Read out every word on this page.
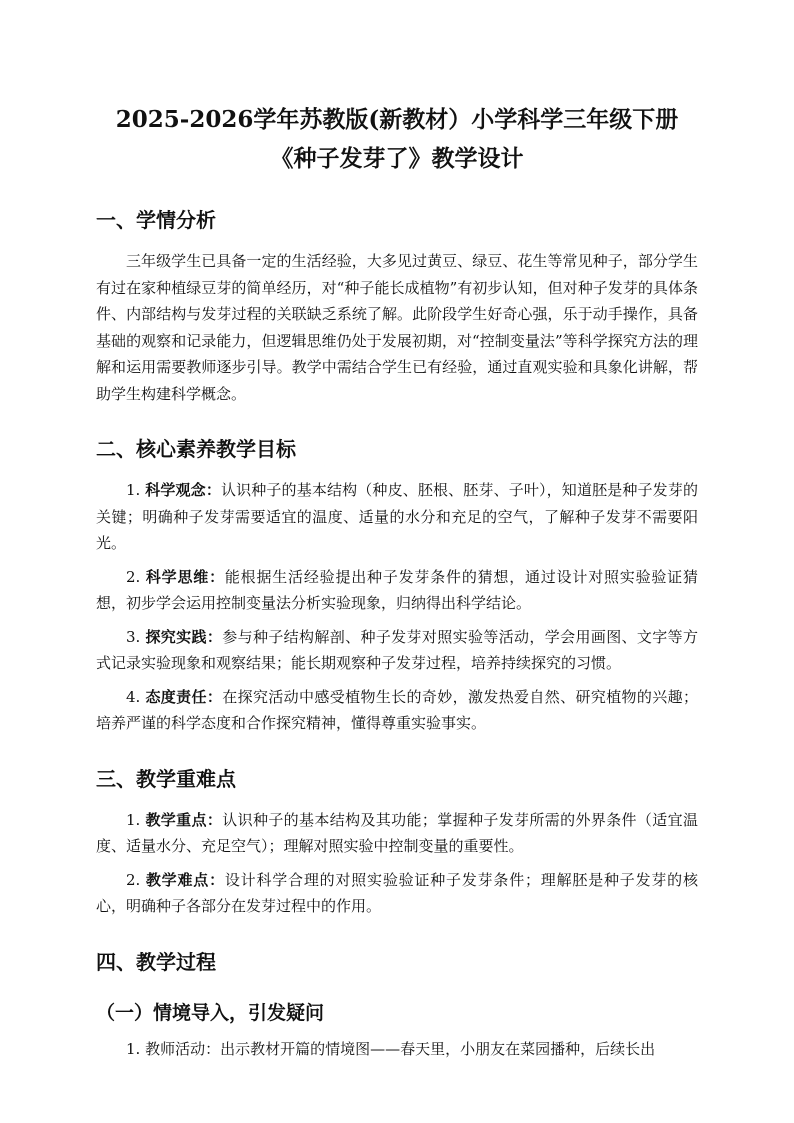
2025-2026学年苏教版(新教材）小学科学三年级下册《种子发芽了》教学设计
一、学情分析

三年级学生已具备一定的生活经验，大多见过黄豆、绿豆、花生等常见种子，部分学生有过在家种植绿豆芽的简单经历，对“种子能长成植物”有初步认知，但对种子发芽的具体条件、内部结构与发芽过程的关联缺乏系统了解。此阶段学生好奇心强，乐于动手操作，具备基础的观察和记录能力，但逻辑思维仍处于发展初期，对“控制变量法”等科学探究方法的理解和运用需要教师逐步引导。教学中需结合学生已有经验，通过直观实验和具象化讲解，帮助学生构建科学概念。

二、核心素养教学目标

1. 科学观念：认识种子的基本结构（种皮、胚根、胚芽、子叶），知道胚是种子发芽的关键；明确种子发芽需要适宜的温度、适量的水分和充足的空气，了解种子发芽不需要阳光。

2. 科学思维：能根据生活经验提出种子发芽条件的猜想，通过设计对照实验验证猜想，初步学会运用控制变量法分析实验现象，归纳得出科学结论。

3. 探究实践：参与种子结构解剖、种子发芽对照实验等活动，学会用画图、文字等方式记录实验现象和观察结果；能长期观察种子发芽过程，培养持续探究的习惯。

4. 态度责任：在探究活动中感受植物生长的奇妙，激发热爱自然、研究植物的兴趣；培养严谨的科学态度和合作探究精神，懂得尊重实验事实。

三、教学重难点

1. 教学重点：认识种子的基本结构及其功能；掌握种子发芽所需的外界条件（适宜温度、适量水分、充足空气）；理解对照实验中控制变量的重要性。

2. 教学难点：设计科学合理的对照实验验证种子发芽条件；理解胚是种子发芽的核心，明确种子各部分在发芽过程中的作用。

四、教学过程
（一）情境导入，引发疑问

1. 教师活动：出示教材开篇的情境图——春天里，小朋友在菜园播种，后续长出
